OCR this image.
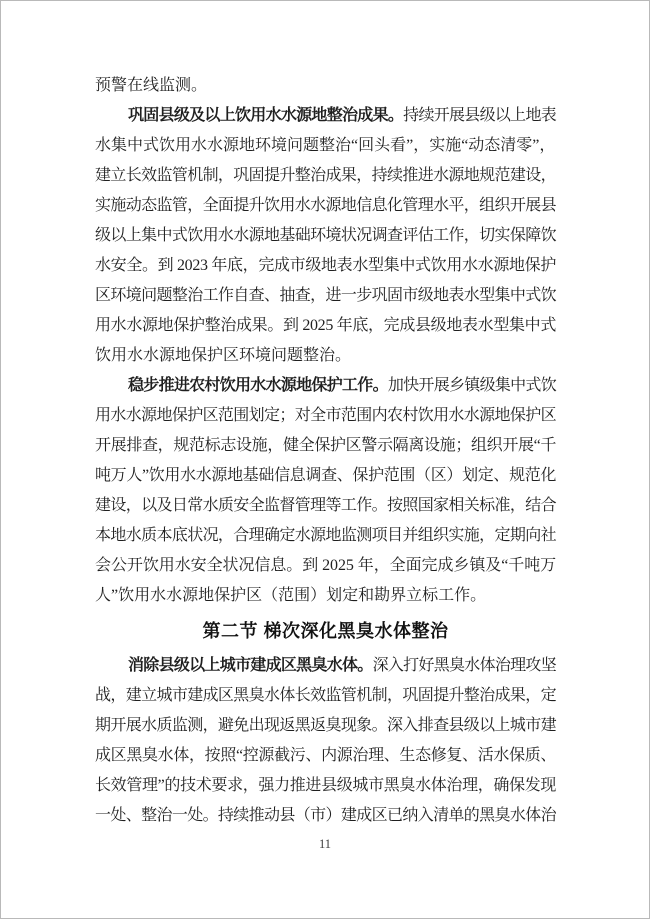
预警在线监测。
巩固县级及以上饮用水水源地整治成果。持续开展县级以上地表
水集中式饮用水水源地环境问题整治“回头看”，实施“动态清零”，
建立长效监管机制，巩固提升整治成果，持续推进水源地规范建设，
实施动态监管，全面提升饮用水水源地信息化管理水平，组织开展县
级以上集中式饮用水水源地基础环境状况调查评估工作，切实保障饮
水安全。到 2023 年底，完成市级地表水型集中式饮用水水源地保护
区环境问题整治工作自查、抽查，进一步巩固市级地表水型集中式饮
用水水源地保护整治成果。到 2025 年底，完成县级地表水型集中式
饮用水水源地保护区环境问题整治。
稳步推进农村饮用水水源地保护工作。加快开展乡镇级集中式饮
用水水源地保护区范围划定；对全市范围内农村饮用水水源地保护区
开展排查，规范标志设施，健全保护区警示隔离设施；组织开展“千
吨万人”饮用水水源地基础信息调查、保护范围（区）划定、规范化
建设，以及日常水质安全监督管理等工作。按照国家相关标准，结合
本地水质本底状况，合理确定水源地监测项目并组织实施，定期向社
会公开饮用水安全状况信息。到 2025 年，全面完成乡镇及“千吨万
人”饮用水水源地保护区（范围）划定和勘界立标工作。
第二节 梯次深化黑臭水体整治
消除县级以上城市建成区黑臭水体。深入打好黑臭水体治理攻坚
战，建立城市建成区黑臭水体长效监管机制，巩固提升整治成果，定
期开展水质监测，避免出现返黑返臭现象。深入排查县级以上城市建
成区黑臭水体，按照“控源截污、内源治理、生态修复、活水保质、
长效管理”的技术要求，强力推进县级城市黑臭水体治理，确保发现
一处、整治一处。持续推动县（市）建成区已纳入清单的黑臭水体治
11
